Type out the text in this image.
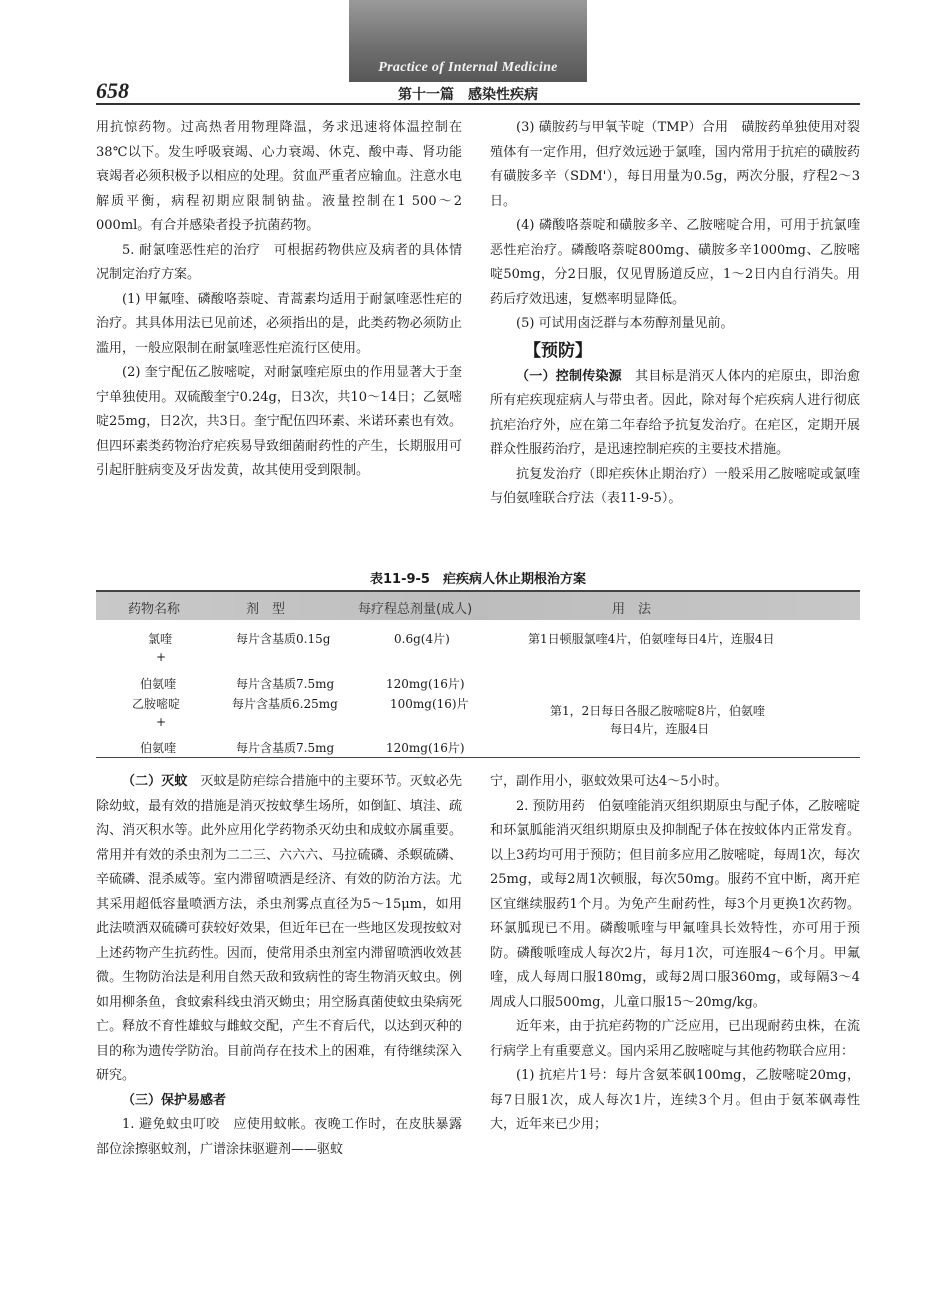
Practice of Internal Medicine
658	第十一篇　感染性疾病

用抗惊药物。过高热者用物理降温，务求迅速将体温控制在38℃以下。发生呼吸衰竭、心力衰竭、休克、酸中毒、肾功能衰竭者必须积极予以相应的处理。贫血严重者应输血。注意水电解质平衡，病程初期应限制钠盐。液量控制在1 500～2 000ml。有合并感染者投予抗菌药物。

5. 耐氯喹恶性疟的治疗　可根据药物供应及病者的具体情况制定治疗方案。

(1) 甲氟喹、磷酸咯萘啶、青蒿素均适用于耐氯喹恶性疟的治疗。其具体用法已见前述，必须指出的是，此类药物必须防止滥用，一般应限制在耐氯喹恶性疟流行区使用。

(2) 奎宁配伍乙胺嘧啶，对耐氯喹疟原虫的作用显著大于奎宁单独使用。双硫酸奎宁0.24g，日3次，共10～14日；乙氨嘧啶25mg，日2次，共3日。奎宁配伍四环素、米诺环素也有效。但四环素类药物治疗疟疾易导致细菌耐药性的产生，长期服用可引起肝脏病变及牙齿发黄，故其使用受到限制。

(3) 磺胺药与甲氧苄啶（TMP）合用　磺胺药单独使用对裂殖体有一定作用，但疗效远逊于氯喹，国内常用于抗疟的磺胺药有磺胺多辛（SDM'），每日用量为0.5g，两次分服，疗程2～3日。

(4) 磷酸咯萘啶和磺胺多辛、乙胺嘧啶合用，可用于抗氯喹恶性疟治疗。磷酸咯萘啶800mg、磺胺多辛1000mg、乙胺嘧啶50mg，分2日服，仅见胃肠道反应，1～2日内自行消失。用药后疗效迅速，复燃率明显降低。

(5) 可试用卤泛群与本芴醇剂量见前。

【预防】

（一）控制传染源　 其目标是消灭人体内的疟原虫，即治愈所有疟疾现症病人与带虫者。因此，除对每个疟疾病人进行彻底抗疟治疗外，应在第二年春给予抗复发治疗。在疟区，定期开展群众性服药治疗，是迅速控制疟疾的主要技术措施。

抗复发治疗（即疟疾休止期治疗）一般采用乙胺嘧啶或氯喹与伯氨喹联合疗法（表11-9-5）。

表11-9-5　疟疾病人休止期根治方案
药物名称	剂　型	每疗程总剂量(成人)	用　法
氯喹	每片含基质0.15g	0.6g(4片)	第1日顿服氯喹4片，伯氨喹每日4片，连服4日
+
伯氨喹	每片含基质7.5mg	120mg(16片)
乙胺嘧啶	每片含基质6.25mg	100mg(16)片	第1，2日每日各服乙胺嘧啶8片，伯氨喹
每日4片，连服4日
+
伯氨喹	每片含基质7.5mg	120mg(16片)

（二）灭蚊　 灭蚊是防疟综合措施中的主要环节。灭蚊必先除幼蚊，最有效的措施是消灭按蚊孳生场所，如倒缸、填洼、疏沟、消灭积水等。此外应用化学药物杀灭幼虫和成蚊亦属重要。常用并有效的杀虫剂为二二三、六六六、马拉硫磷、杀螟硫磷、辛硫磷、混杀威等。室内滞留喷洒是经济、有效的防治方法。尤其采用超低容量喷洒方法，杀虫剂雾点直径为5～15μm，如用此法喷洒双硫磷可获较好效果，但近年已在一些地区发现按蚊对上述药物产生抗药性。因而，使常用杀虫剂室内滞留喷洒收效甚微。生物防治法是利用自然天敌和致病性的寄生物消灭蚊虫。例如用柳条鱼，食蚊索科线虫消灭蚴虫；用空肠真菌使蚊虫染病死亡。释放不育性雄蚊与雌蚊交配，产生不育后代，以达到灭种的目的称为遗传学防治。目前尚存在技术上的困难，有待继续深入研究。

（三）保护易感者

1. 避免蚊虫叮咬　应使用蚊帐。夜晚工作时，在皮肤暴露部位涂擦驱蚊剂，广谱涂抹驱避剂——驱蚊

宁，副作用小，驱蚊效果可达4～5小时。

2. 预防用药　伯氨喹能消灭组织期原虫与配子体，乙胺嘧啶和环氯胍能消灭组织期原虫及抑制配子体在按蚊体内正常发育。以上3药均可用于预防；但目前多应用乙胺嘧啶，每周1次，每次25mg，或每2周1次顿服，每次50mg。服药不宜中断，离开疟区宜继续服药1个月。为免产生耐药性，每3个月更换1次药物。环氯胍现已不用。磷酸哌喹与甲氟喹具长效特性，亦可用于预防。磷酸哌喹成人每次2片，每月1次，可连服4～6个月。甲氟喹，成人每周口服180mg，或每2周口服360mg，或每隔3～4周成人口服500mg，儿童口服15～20mg/kg。

近年来，由于抗疟药物的广泛应用，已出现耐药虫株，在流行病学上有重要意义。国内采用乙胺嘧啶与其他药物联合应用：

(1) 抗疟片1号：每片含氨苯砜100mg，乙胺嘧啶20mg，每7日服1次，成人每次1片，连续3个月。但由于氨苯砜毒性大，近年来已少用；
